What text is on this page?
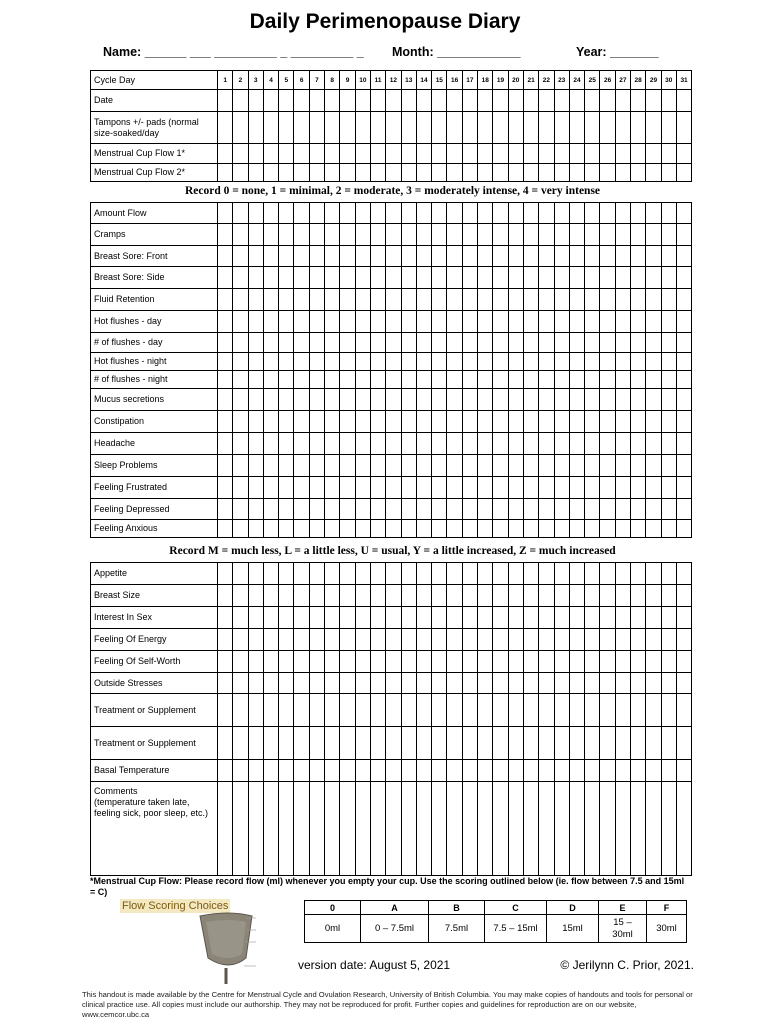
Daily Perimenopause Diary
Name: ______ ___ _________ _ _________ _ Month: ____________	Year: _______
Cycle Day	1	2	3	4	5	6	7	8	9	10	11	12	13	14	15	16	17	18	19	20	21	22	23	24	25	26	27	28	29	30	31
Date																															
Tampons +/- pads (normal size-soaked/day																															
Menstrual Cup Flow 1*																															
Menstrual Cup Flow 2*																															
Record 0 = none, 1 = minimal, 2 = moderate, 3 = moderately intense, 4 = very intense
Amount Flow																															
Cramps																															
Breast Sore: Front																															
Breast Sore: Side																															
Fluid Retention																															
Hot flushes - day																															
# of flushes - day																															
Hot flushes - night																															
# of flushes - night																															
Mucus secretions																															
Constipation																															
Headache																															
Sleep Problems																															
Feeling Frustrated																															
Feeling Depressed																															
Feeling Anxious																															
Record M = much less, L = a little less, U = usual, Y = a little increased, Z = much increased
Appetite																															
Breast Size																															
Interest In Sex																															
Feeling Of Energy																															
Feeling Of Self-Worth																															
Outside Stresses																															
Treatment or Supplement																															
Treatment or Supplement																															
Basal Temperature																															
Comments
(temperature taken late, feeling sick, poor sleep, etc.)																															
*Menstrual Cup Flow: Please record flow (ml) whenever you empty your cup. Use the scoring outlined below (ie. flow between 7.5 and 15ml = C)
Flow Scoring Choices	0	A	B	C	D	E	F
0ml	0 – 7.5ml	7.5ml	7.5 – 15ml	15ml	15 –
30ml	30ml
version date: August 5, 2021	© Jerilynn C. Prior, 2021.
This handout is made available by the Centre for Menstrual Cycle and Ovulation Research, University of British Columbia. You may make copies of handouts and tools for personal or clinical practice use. All copies must include our authorship. They may not be reproduced for profit. Further copies and guidelines for reproduction are on our website, www.cemcor.ubc.ca
